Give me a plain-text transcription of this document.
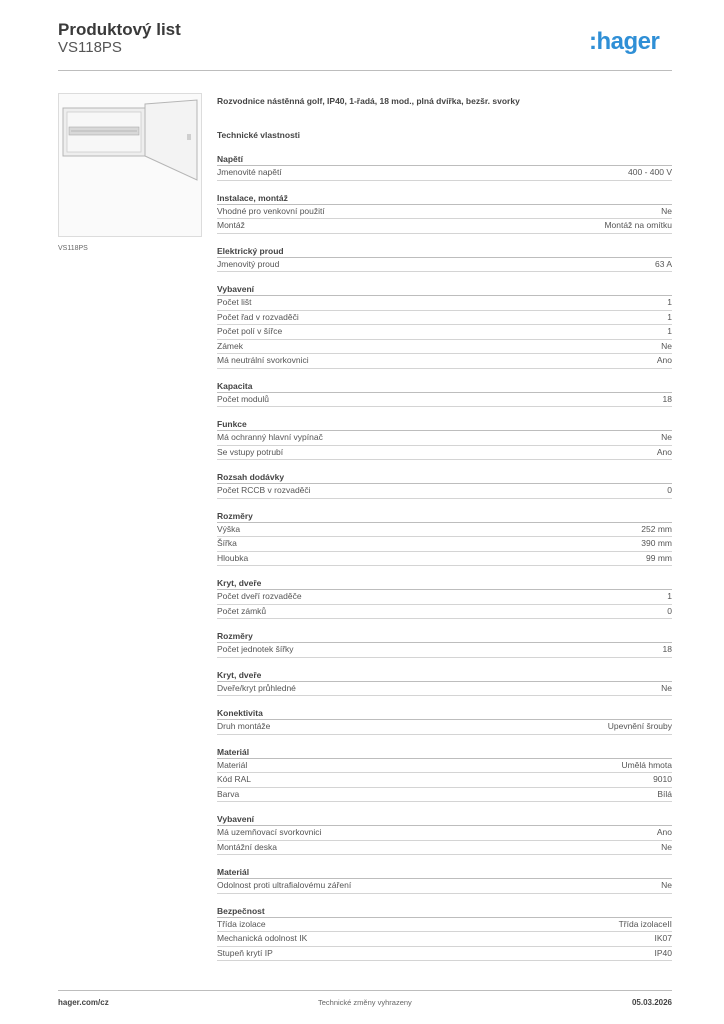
Produktový list
VS118PS	:hager
VS118PS
Rozvodnice nástěnná golf, IP40, 1-řadá, 18 mod., plná dvířka, bezšr. svorky
Technické vlastnosti
Napětí
Jmenovité napětí	400 - 400 V
Instalace, montáž
Vhodné pro venkovní použití	Ne
Montáž	Montáž na omítku
Elektrický proud
Jmenovitý proud	63 A
Vybavení
Počet lišt	1
Počet řad v rozvaděči	1
Počet polí v šířce	1
Zámek	Ne
Má neutrální svorkovnici	Ano
Kapacita
Počet modulů	18
Funkce
Má ochranný hlavní vypínač	Ne
Se vstupy potrubí	Ano
Rozsah dodávky
Počet RCCB v rozvaděči	0
Rozměry
Výška	252 mm
Šířka	390 mm
Hloubka	99 mm
Kryt, dveře
Počet dveří rozvaděče	1
Počet zámků	0
Rozměry
Počet jednotek šířky	18
Kryt, dveře
Dveře/kryt průhledné	Ne
Konektivita
Druh montáže	Upevnění šrouby
Materiál
Materiál	Umělá hmota
Kód RAL	9010
Barva	Bílá
Vybavení
Má uzemňovací svorkovnici	Ano
Montážní deska	Ne
Materiál
Odolnost proti ultrafialovému záření	Ne
Bezpečnost
Třída izolace	Třída izolaceII
Mechanická odolnost IK	IK07
Stupeň krytí IP	IP40
hager.com/cz	Technické změny vyhrazeny	05.03.2026
